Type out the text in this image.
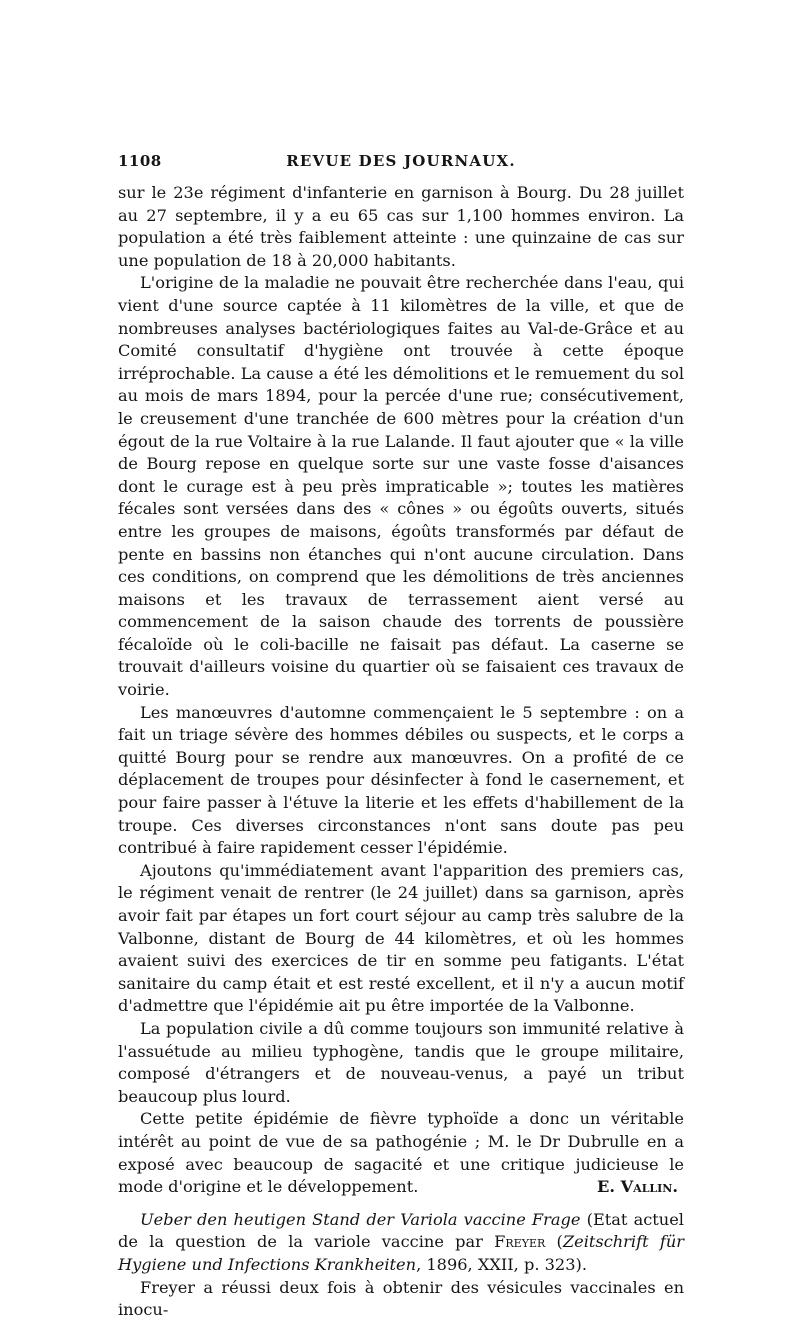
1108	REVUE DES JOURNAUX.

sur le 23e régiment d'infanterie en garnison à Bourg. Du 28 juillet au 27 septembre, il y a eu 65 cas sur 1,100 hommes environ. La population a été très faiblement atteinte : une quinzaine de cas sur une population de 18 à 20,000 habitants.

L'origine de la maladie ne pouvait être recherchée dans l'eau, qui vient d'une source captée à 11 kilomètres de la ville, et que de nombreuses analyses bactériologiques faites au Val-de-Grâce et au Comité consultatif d'hygiène ont trouvée à cette époque irréprochable. La cause a été les démolitions et le remuement du sol au mois de mars 1894, pour la percée d'une rue; consécutivement, le creusement d'une tranchée de 600 mètres pour la création d'un égout de la rue Voltaire à la rue Lalande. Il faut ajouter que « la ville de Bourg repose en quelque sorte sur une vaste fosse d'aisances dont le curage est à peu près impraticable »; toutes les matières fécales sont versées dans des « cônes » ou égoûts ouverts, situés entre les groupes de maisons, égoûts transformés par défaut de pente en bassins non étanches qui n'ont aucune circulation. Dans ces conditions, on comprend que les démolitions de très anciennes maisons et les travaux de terrassement aient versé au commencement de la saison chaude des torrents de poussière fécaloïde où le coli-bacille ne faisait pas défaut. La caserne se trouvait d'ailleurs voisine du quartier où se faisaient ces travaux de voirie.

Les manœuvres d'automne commençaient le 5 septembre : on a fait un triage sévère des hommes débiles ou suspects, et le corps a quitté Bourg pour se rendre aux manœuvres. On a profité de ce déplacement de troupes pour désinfecter à fond le casernement, et pour faire passer à l'étuve la literie et les effets d'habillement de la troupe. Ces diverses circonstances n'ont sans doute pas peu contribué à faire rapidement cesser l'épidémie.

Ajoutons qu'immédiatement avant l'apparition des premiers cas, le régiment venait de rentrer (le 24 juillet) dans sa garnison, après avoir fait par étapes un fort court séjour au camp très salubre de la Valbonne, distant de Bourg de 44 kilomètres, et où les hommes avaient suivi des exercices de tir en somme peu fatigants. L'état sanitaire du camp était et est resté excellent, et il n'y a aucun motif d'admettre que l'épidémie ait pu être importée de la Valbonne.

La population civile a dû comme toujours son immunité relative à l'assuétude au milieu typhogène, tandis que le groupe militaire, composé d'étrangers et de nouveau-venus, a payé un tribut beaucoup plus lourd.

Cette petite épidémie de fièvre typhoïde a donc un véritable intérêt au point de vue de sa pathogénie ; M. le Dr Dubrulle en a exposé avec beaucoup de sagacité et une critique judicieuse le mode d'origine et le développement.	E. Vallin.

Ueber den heutigen Stand der Variola vaccine Frage (Etat actuel de la question de la variole vaccine par Freyer (Zeitschrift für Hygiene und Infections Krankheiten, 1896, XXII, p. 323).

Freyer a réussi deux fois à obtenir des vésicules vaccinales en inocu-
